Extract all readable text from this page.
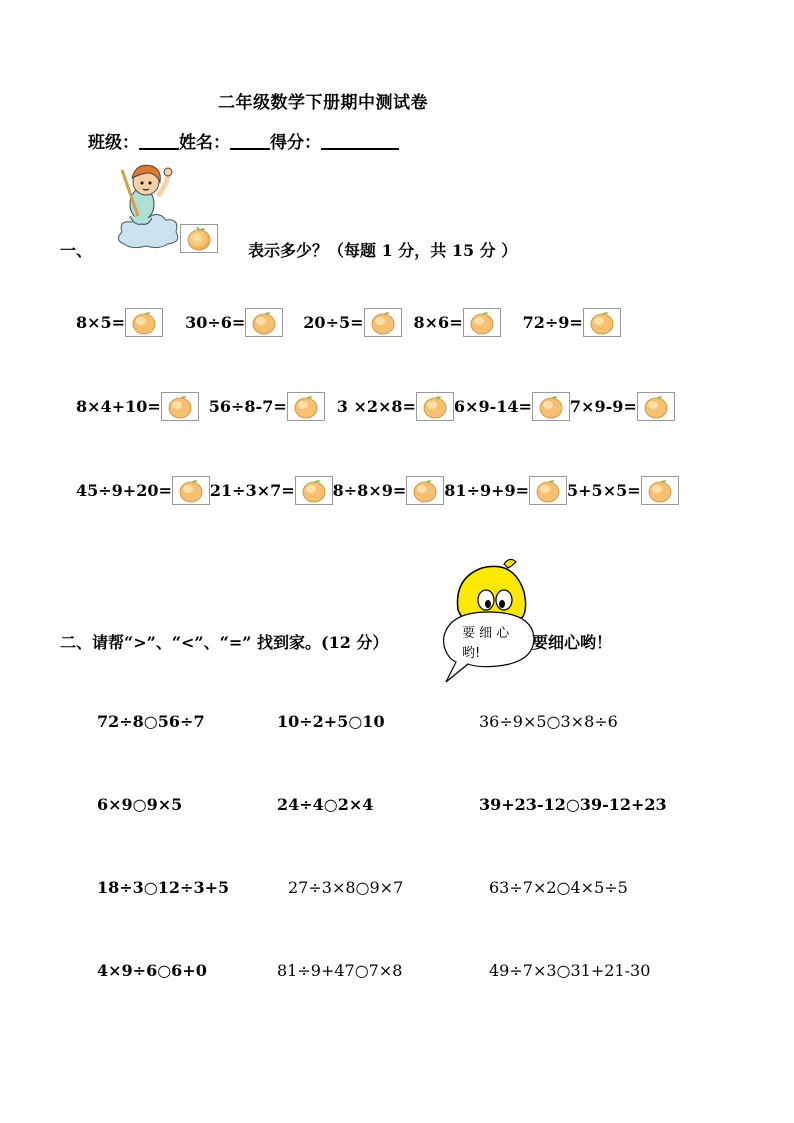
二年级数学下册期中测试卷
班级： 姓名： 得分：
一、	表示多少？（每题 1 分，共 15 分 ）
8×5=	30÷6=	20÷5=	8×6=	72÷9=
8×4+10=	56÷8-7=	3 ×2×8= 6×9-14= 7×9-9=
45÷9+20= 21÷3×7= 8÷8×9= 81÷9+9= 5+5×5=
要 细 心
哟!
二、请帮“>”、“<”、“=” 找到家。(12 分）	要细心哟！
72÷8○56÷7	10÷2+5○10	36÷9×5○3×8÷6
6×9○9×5	24÷4○2×4	39+23-12○39-12+23
18÷3○12÷3+5	27÷3×8○9×7	63÷7×2○4×5÷5
4×9÷6○6+0	81÷9+47○7×8	49÷7×3○31+21-30
